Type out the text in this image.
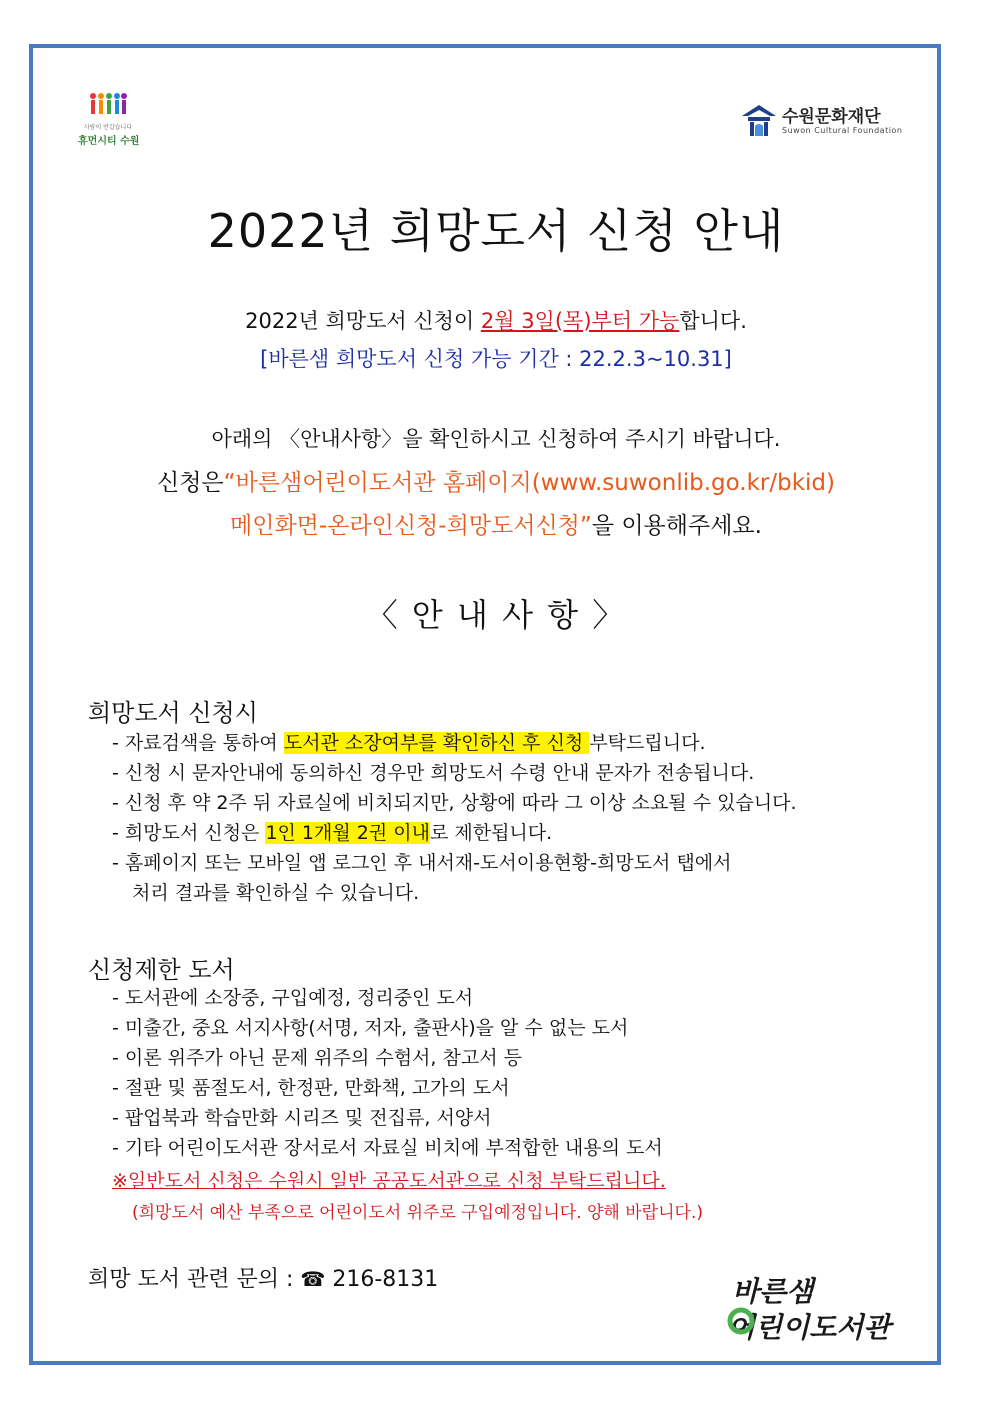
사람이 반갑습니다
휴먼시티 수원
수원문화재단
Suwon Cultural Foundation
2022년 희망도서 신청 안내
2022년 희망도서 신청이 2월 3일(목)부터 가능합니다.
[바른샘 희망도서 신청 가능 기간 : 22.2.3~10.31]
아래의 〈안내사항〉을 확인하시고 신청하여 주시기 바랍니다.
신청은“바른샘어린이도서관 홈페이지(www.suwonlib.go.kr/bkid)
메인화면-온라인신청-희망도서신청”을 이용해주세요.
〈 안 내 사 항 〉
희망도서 신청시
- 자료검색을 통하여 도서관 소장여부를 확인하신 후 신청 부탁드립니다.
- 신청 시 문자안내에 동의하신 경우만 희망도서 수령 안내 문자가 전송됩니다.
- 신청 후 약 2주 뒤 자료실에 비치되지만, 상황에 따라 그 이상 소요될 수 있습니다.
- 희망도서 신청은 1인 1개월 2권 이내로 제한됩니다.
- 홈페이지 또는 모바일 앱 로그인 후 내서재-도서이용현황-희망도서 탭에서
처리 결과를 확인하실 수 있습니다.
신청제한 도서
- 도서관에 소장중, 구입예정, 정리중인 도서
- 미출간, 중요 서지사항(서명, 저자, 출판사)을 알 수 없는 도서
- 이론 위주가 아닌 문제 위주의 수험서, 참고서 등
- 절판 및 품절도서, 한정판, 만화책, 고가의 도서
- 팝업북과 학습만화 시리즈 및 전집류, 서양서
- 기타 어린이도서관 장서로서 자료실 비치에 부적합한 내용의 도서
※일반도서 신청은 수원시 일반 공공도서관으로 신청 부탁드립니다.
(희망도서 예산 부족으로 어린이도서 위주로 구입예정입니다. 양해 바랍니다.)
희망 도서 관련 문의 : ☎ 216-8131	바른샘
어린이도서관
